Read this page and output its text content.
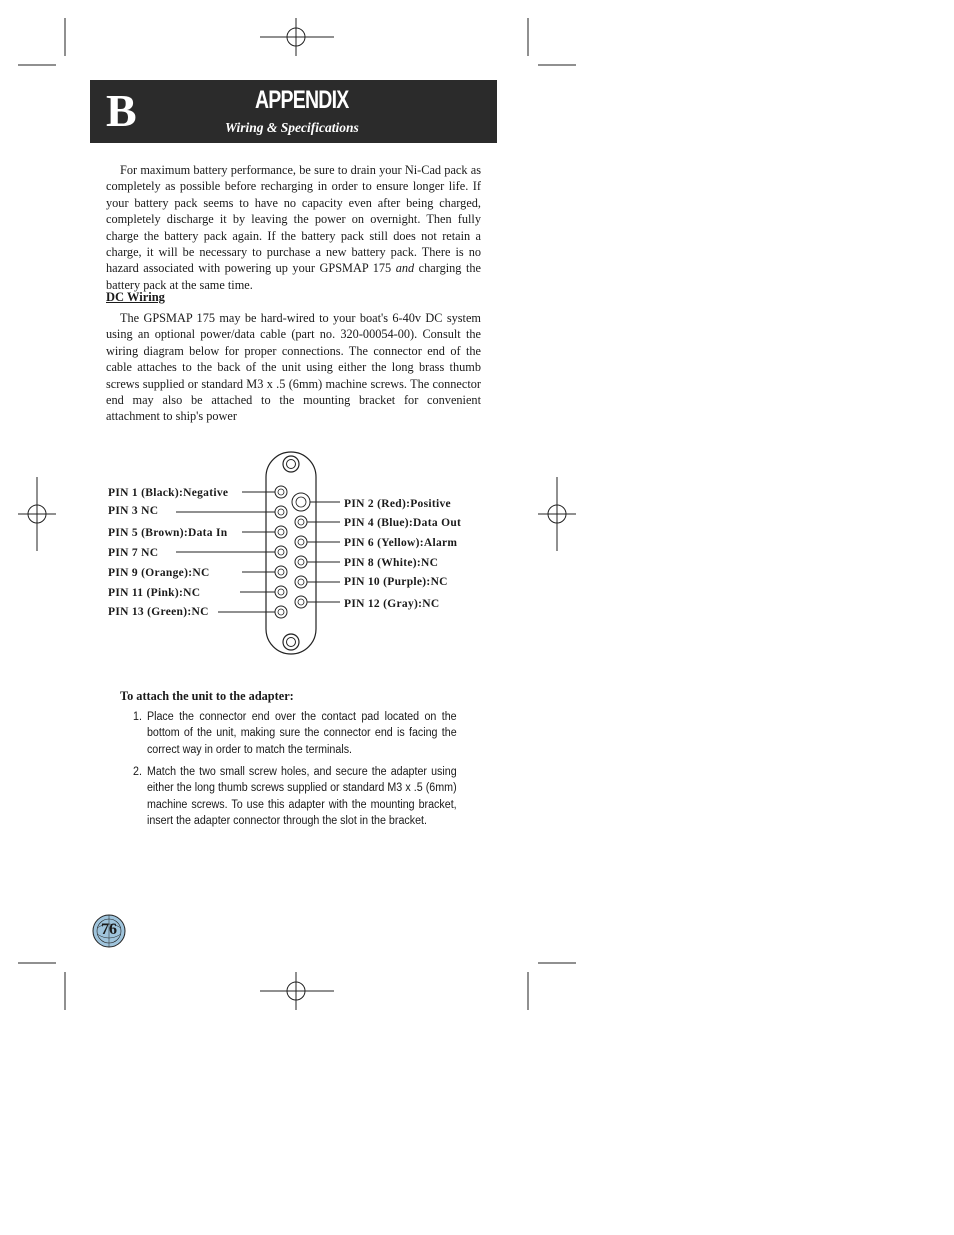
B	APPENDIX
Wiring & Specifications

For maximum battery performance, be sure to drain your Ni-Cad pack as completely as possible before recharging in order to ensure longer life. If your battery pack seems to have no capacity even after being charged, completely discharge it by leaving the power on overnight. Then fully charge the battery pack again. If the battery pack still does not retain a charge, it will be necessary to purchase a new battery pack. There is no hazard associated with powering up your GPSMAP 175 and charging the battery pack at the same time.

DC Wiring

The GPSMAP 175 may be hard-wired to your boat's 6-40v DC system using an optional power/data cable (part no. 320-00054-00). Consult the wiring diagram below for proper connections. The connector end of the cable attaches to the back of the unit using either the long brass thumb screws supplied or standard M3 x .5 (6mm) machine screws. The connector end may also be attached to the mounting bracket for convenient attachment to ship's power

PIN 1 (Black):Negative
PIN 3 NC
PIN 5 (Brown):Data In
PIN 7 NC
PIN 9 (Orange):NC
PIN 11 (Pink):NC
PIN 13 (Green):NC
PIN 2 (Red):Positive
PIN 4 (Blue):Data Out
PIN 6 (Yellow):Alarm
PIN 8 (White):NC
PIN 10 (Purple):NC
PIN 12 (Gray):NC
To attach the unit to the adapter:
1. Place the connector end over the contact pad located on the bottom of the unit, making sure the connector end is facing the correct way in order to match the terminals.
2. Match the two small screw holes, and secure the adapter using either the long thumb screws supplied or standard M3 x .5 (6mm) machine screws. To use this adapter with the mounting bracket, insert the adapter connector through the slot in the bracket.
76
